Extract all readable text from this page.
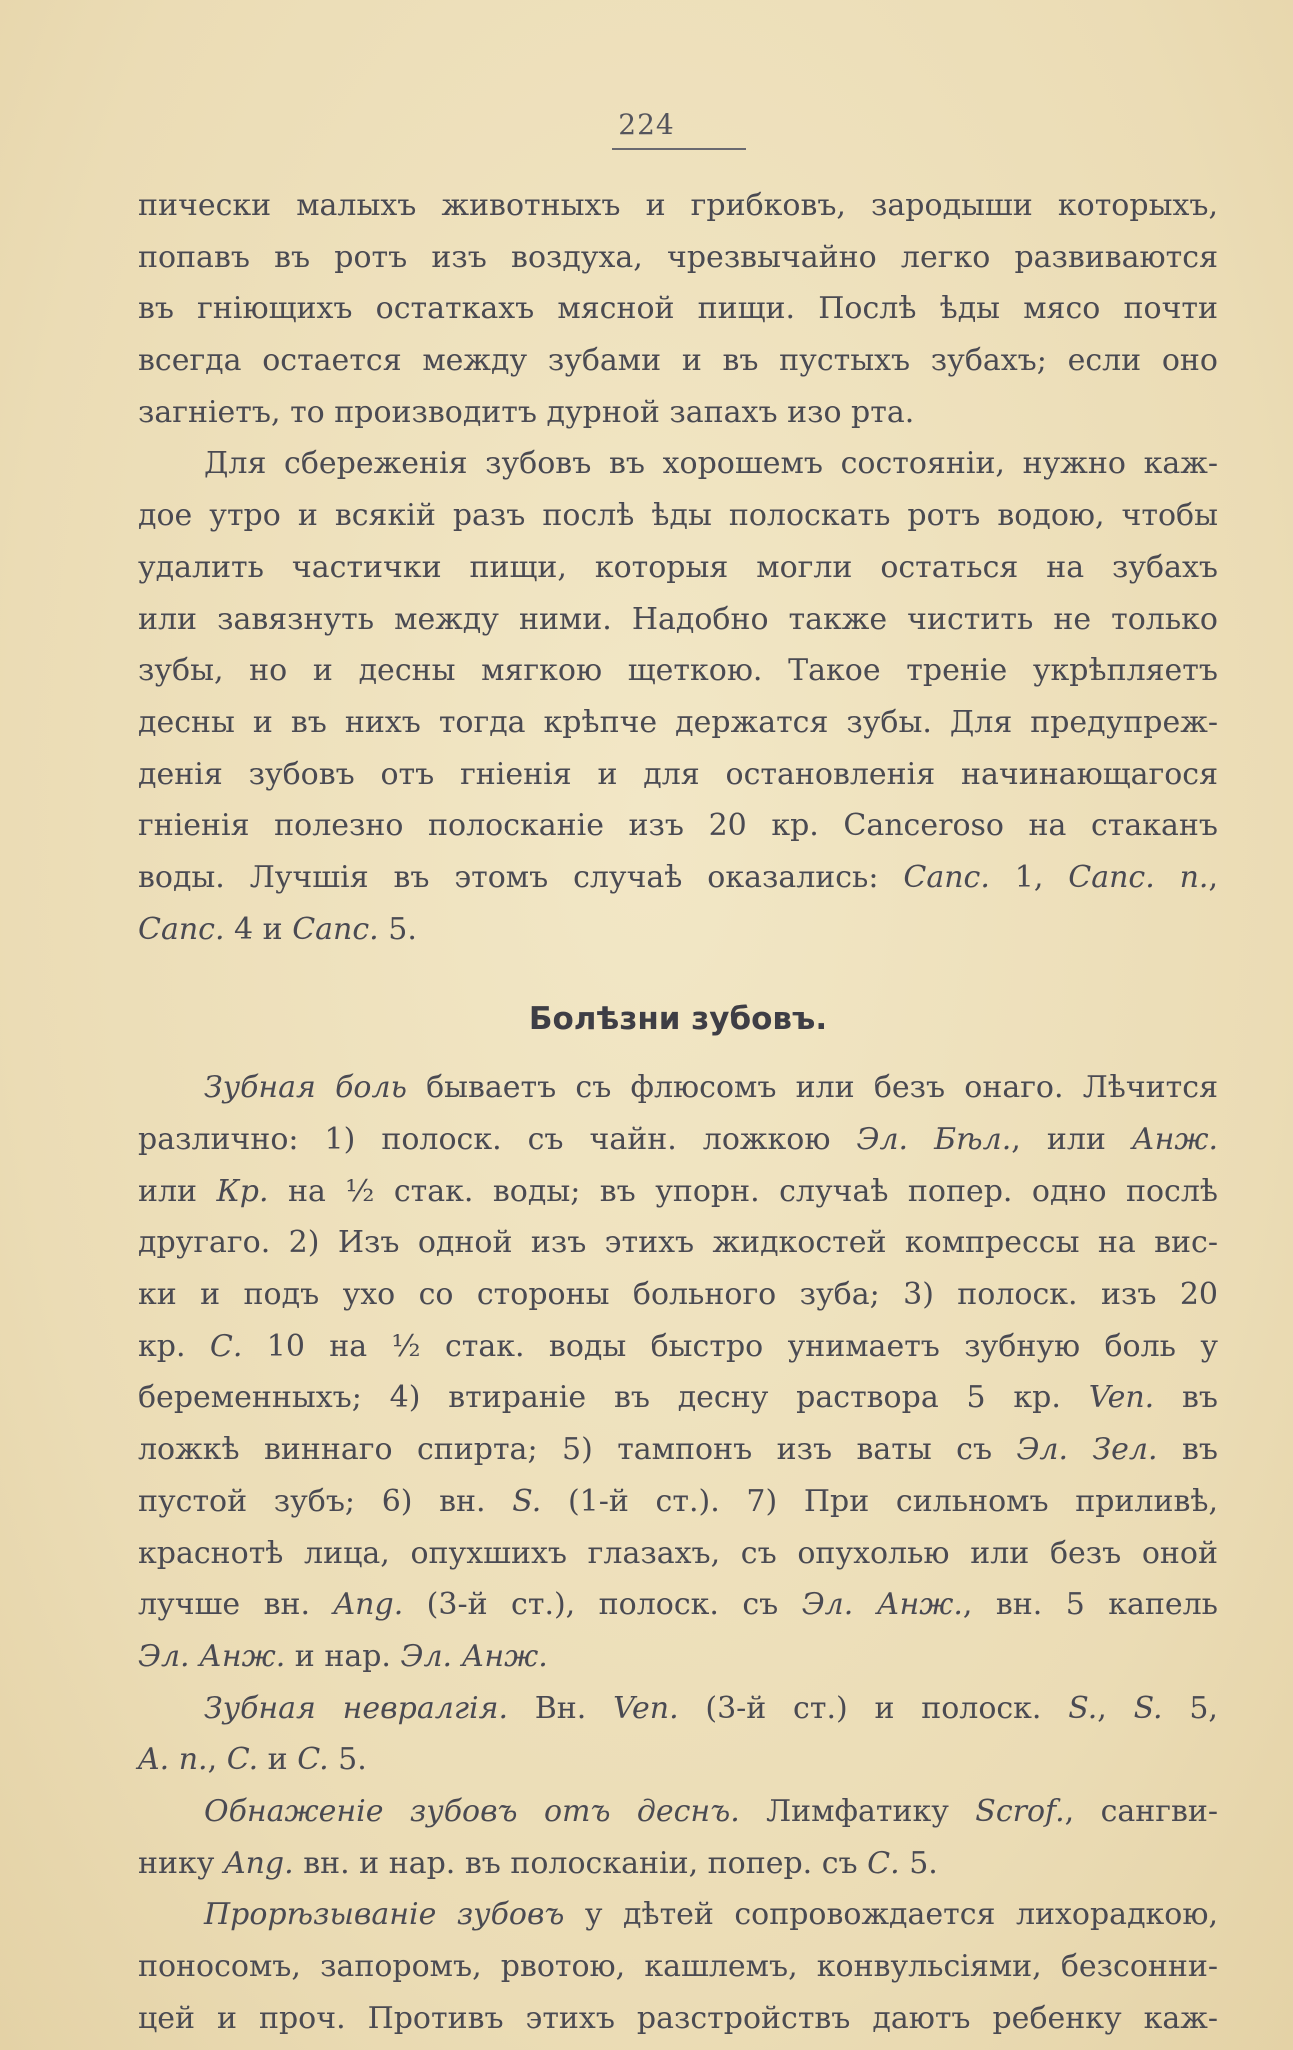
224
пически малыхъ животныхъ и грибковъ, зародыши которыхъ,
попавъ въ ротъ изъ воздуха, чрезвычайно легко развиваются
въ гніющихъ остаткахъ мясной пищи. Послѣ ѣды мясо почти
всегда остается между зубами и въ пустыхъ зубахъ; если оно
загніетъ, то производитъ дурной запахъ изо рта.
Для сбереженія зубовъ въ хорошемъ состояніи, нужно каж-
дое утро и всякій разъ послѣ ѣды полоскать ротъ водою, чтобы
удалить частички пищи, которыя могли остаться на зубахъ
или завязнуть между ними. Надобно также чистить не только
зубы, но и десны мягкою щеткою. Такое треніе укрѣпляетъ
десны и въ нихъ тогда крѣпче держатся зубы. Для предупреж-
денія зубовъ отъ гніенія и для остановленія начинающагося
гніенія полезно полосканіе изъ 20 кр. Cancеroso на стаканъ
воды. Лучшія въ этомъ случаѣ оказались: Canc. 1, Canc. n.,
Canc. 4 и Canc. 5.
Болѣзни зубовъ.
Зубная боль бываетъ съ флюсомъ или безъ онаго. Лѣчится
различно: 1) полоск. съ чайн. ложкою Эл. Бѣл., или Анж.
или Кр. на ½ стак. воды; въ упорн. случаѣ попер. одно послѣ
другаго. 2) Изъ одной изъ этихъ жидкостей компрессы на вис-
ки и подъ ухо со стороны больного зуба; 3) полоск. изъ 20
кр. С. 10 на ½ стак. воды быстро унимаетъ зубную боль у
беременныхъ; 4) втираніе въ десну раствора 5 кр. Ven. въ
ложкѣ виннаго спирта; 5) тампонъ изъ ваты съ Эл. Зел. въ
пустой зубъ; 6) вн. S. (1-й ст.). 7) При сильномъ приливѣ,
краснотѣ лица, опухшихъ глазахъ, съ опухолью или безъ оной
лучше вн. Ang. (3-й ст.), полоск. съ Эл. Анж., вн. 5 капель
Эл. Анж. и нар. Эл. Анж.
Зубная невралгія. Вн. Ven. (3-й ст.) и полоск. S., S. 5,
A. n., C. и C. 5.
Обнаженіе зубовъ отъ деснъ. Лимфатику Scrof., сангви-
нику Ang. вн. и нар. въ полосканіи, попер. съ С. 5.
Прорѣзываніе зубовъ у дѣтей сопровождается лихорадкою,
поносомъ, запоромъ, рвотою, кашлемъ, конвульсіями, безсонни-
цей и проч. Противъ этихъ разстройствъ даютъ ребенку каж-
